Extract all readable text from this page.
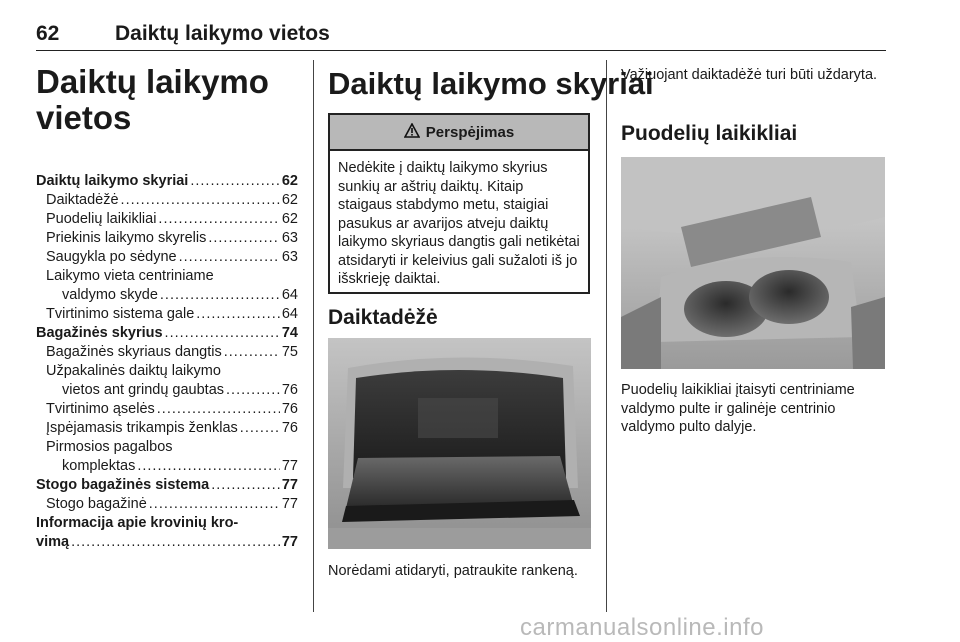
62	Daiktų laikymo vietos
Daiktų laikymo
vietos
Daiktų laikymo skyriai .....	62
Daiktadėžė .....	62
Puodelių laikikliai .....	62
Priekinis laikymo skyrelis .....	63
Saugykla po sėdyne .....	63
Laikymo vieta centriniame
valdymo skyde .....	64
Tvirtinimo sistema gale .....	64
Bagažinės skyrius .....	74
Bagažinės skyriaus dangtis .....	75
Užpakalinės daiktų laikymo
vietos ant grindų gaubtas .....	76
Tvirtinimo ąselės .....	76
Įspėjamasis trikampis ženklas .....	76
Pirmosios pagalbos
komplektas .....	77
Stogo bagažinės sistema .....	77
Stogo bagažinė .....	77
Informacija apie krovinių kro-
vimą .....	77
Daiktų laikymo skyriai
Perspėjimas
Nedėkite į daiktų laikymo skyrius sunkių ar aštrių daiktų. Kitaip staigaus stabdymo metu, staigiai pasukus ar avarijos atveju daiktų laikymo skyriaus dangtis gali netikėtai atsidaryti ir keleivius gali sužaloti iš jo išskrieję daiktai.
Daiktadėžė
Norėdami atidaryti, patraukite rankeną.
Važiuojant daiktadėžė turi būti uždaryta.
Puodelių laikikliai
Puodelių laikikliai įtaisyti centriniame valdymo pulte ir galinėje centrinio valdymo pulto dalyje.
carmanualsonline.info
